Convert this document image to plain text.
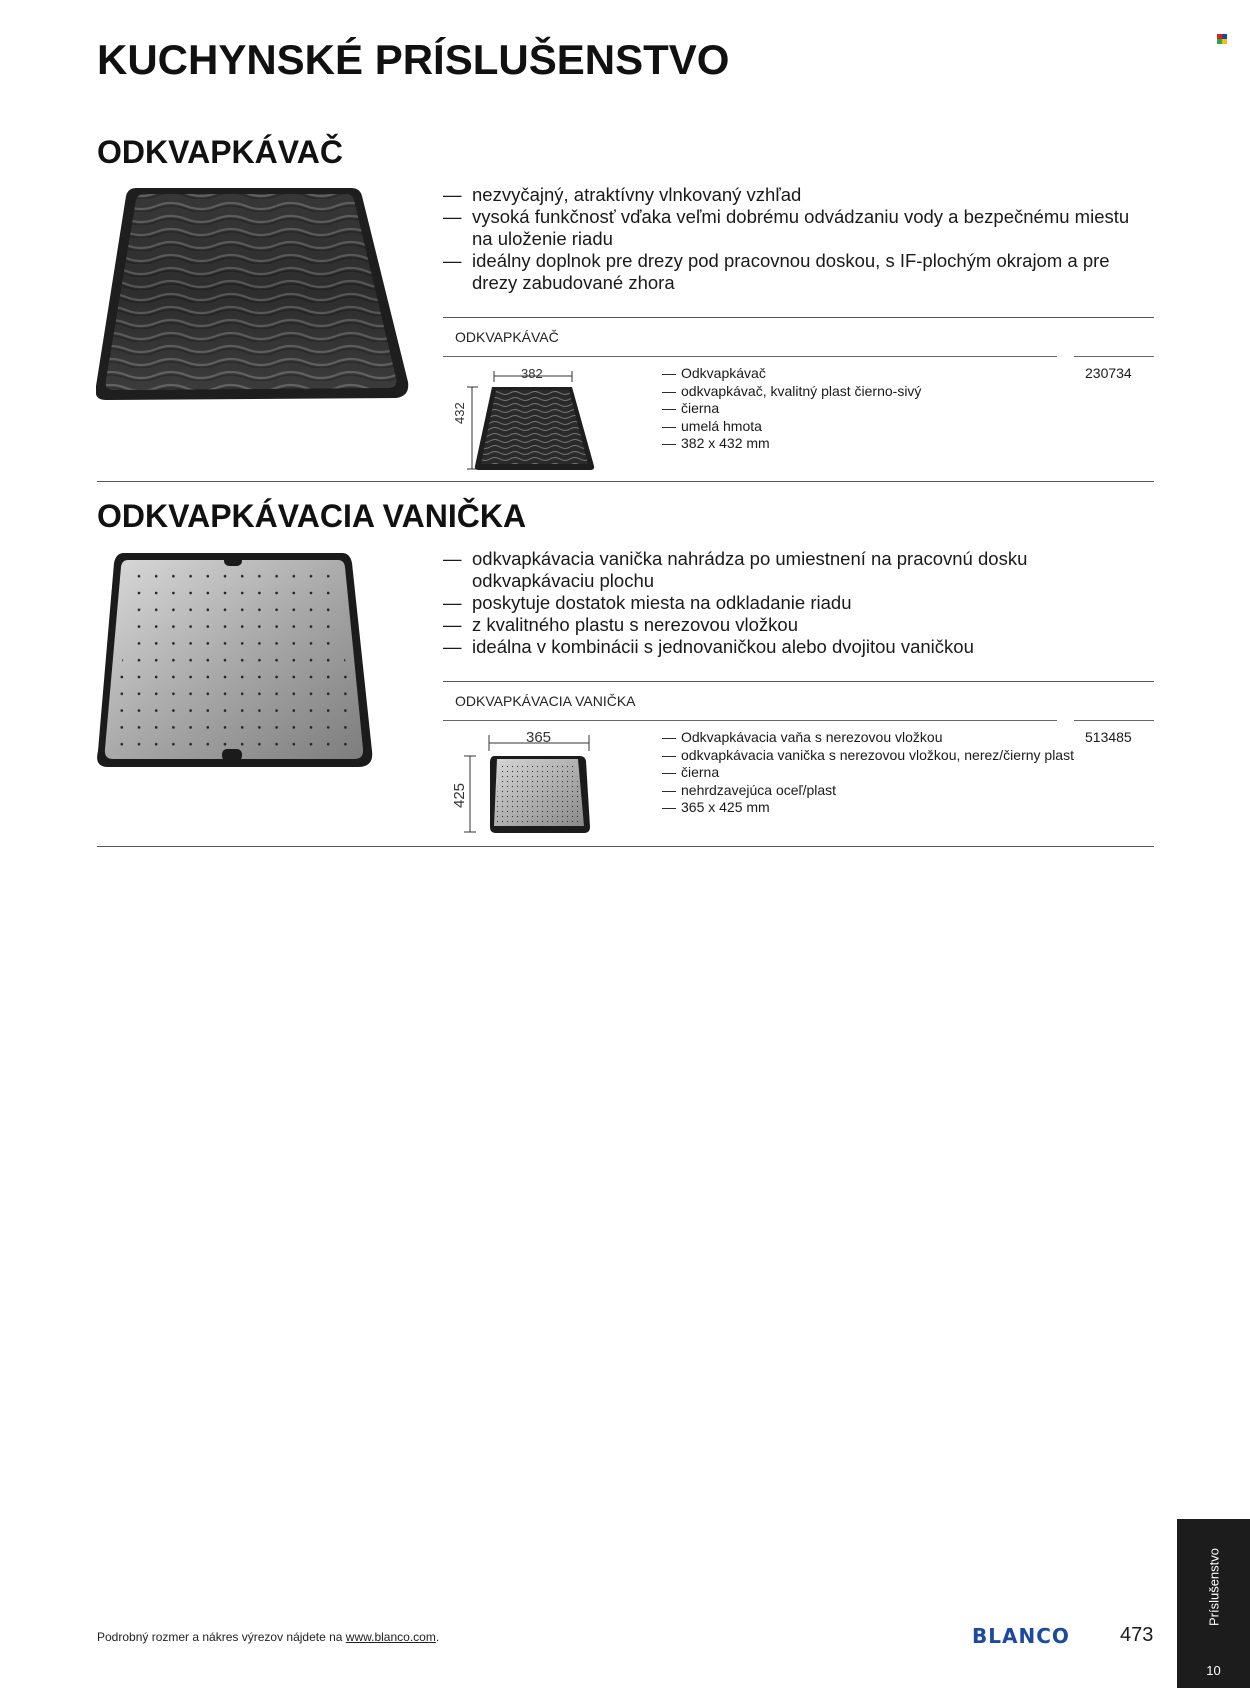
KUCHYNSKÉ PRÍSLUŠENSTVO
ODKVAPKÁVAČ
— nezvyčajný, atraktívny vlnkovaný vzhľad
— vysoká funkčnosť vďaka veľmi dobrému odvádzaniu vody a bezpečnému miestu na uloženie riadu
— ideálny doplnok pre drezy pod pracovnou doskou, s IF-plochým okrajom a pre drezy zabudované zhora
ODKVAPKÁVAČ
382
432
— Odkvapkávač
— odkvapkávač, kvalitný plast čierno-sivý
— čierna
— umelá hmota
— 382 x 432 mm
230734
ODKVAPKÁVACIA VANIČKA
— odkvapkávacia vanička nahrádza po umiestnení na pracovnú dosku odkvapkávaciu plochu
— poskytuje dostatok miesta na odkladanie riadu
— z kvalitného plastu s nerezovou vložkou
— ideálna v kombinácii s jednovaničkou alebo dvojitou vaničkou
ODKVAPKÁVACIA VANIČKA
365
425
— Odkvapkávacia vaňa s nerezovou vložkou
— odkvapkávacia vanička s nerezovou vložkou, nerez/čierny plast
— čierna
— nehrdzavejúca oceľ/plast
— 365 x 425 mm
513485
Podrobný rozmer a nákres výrezov nájdete na www.blanco.com.	BLANCO	473
Príslušenstvo
10
